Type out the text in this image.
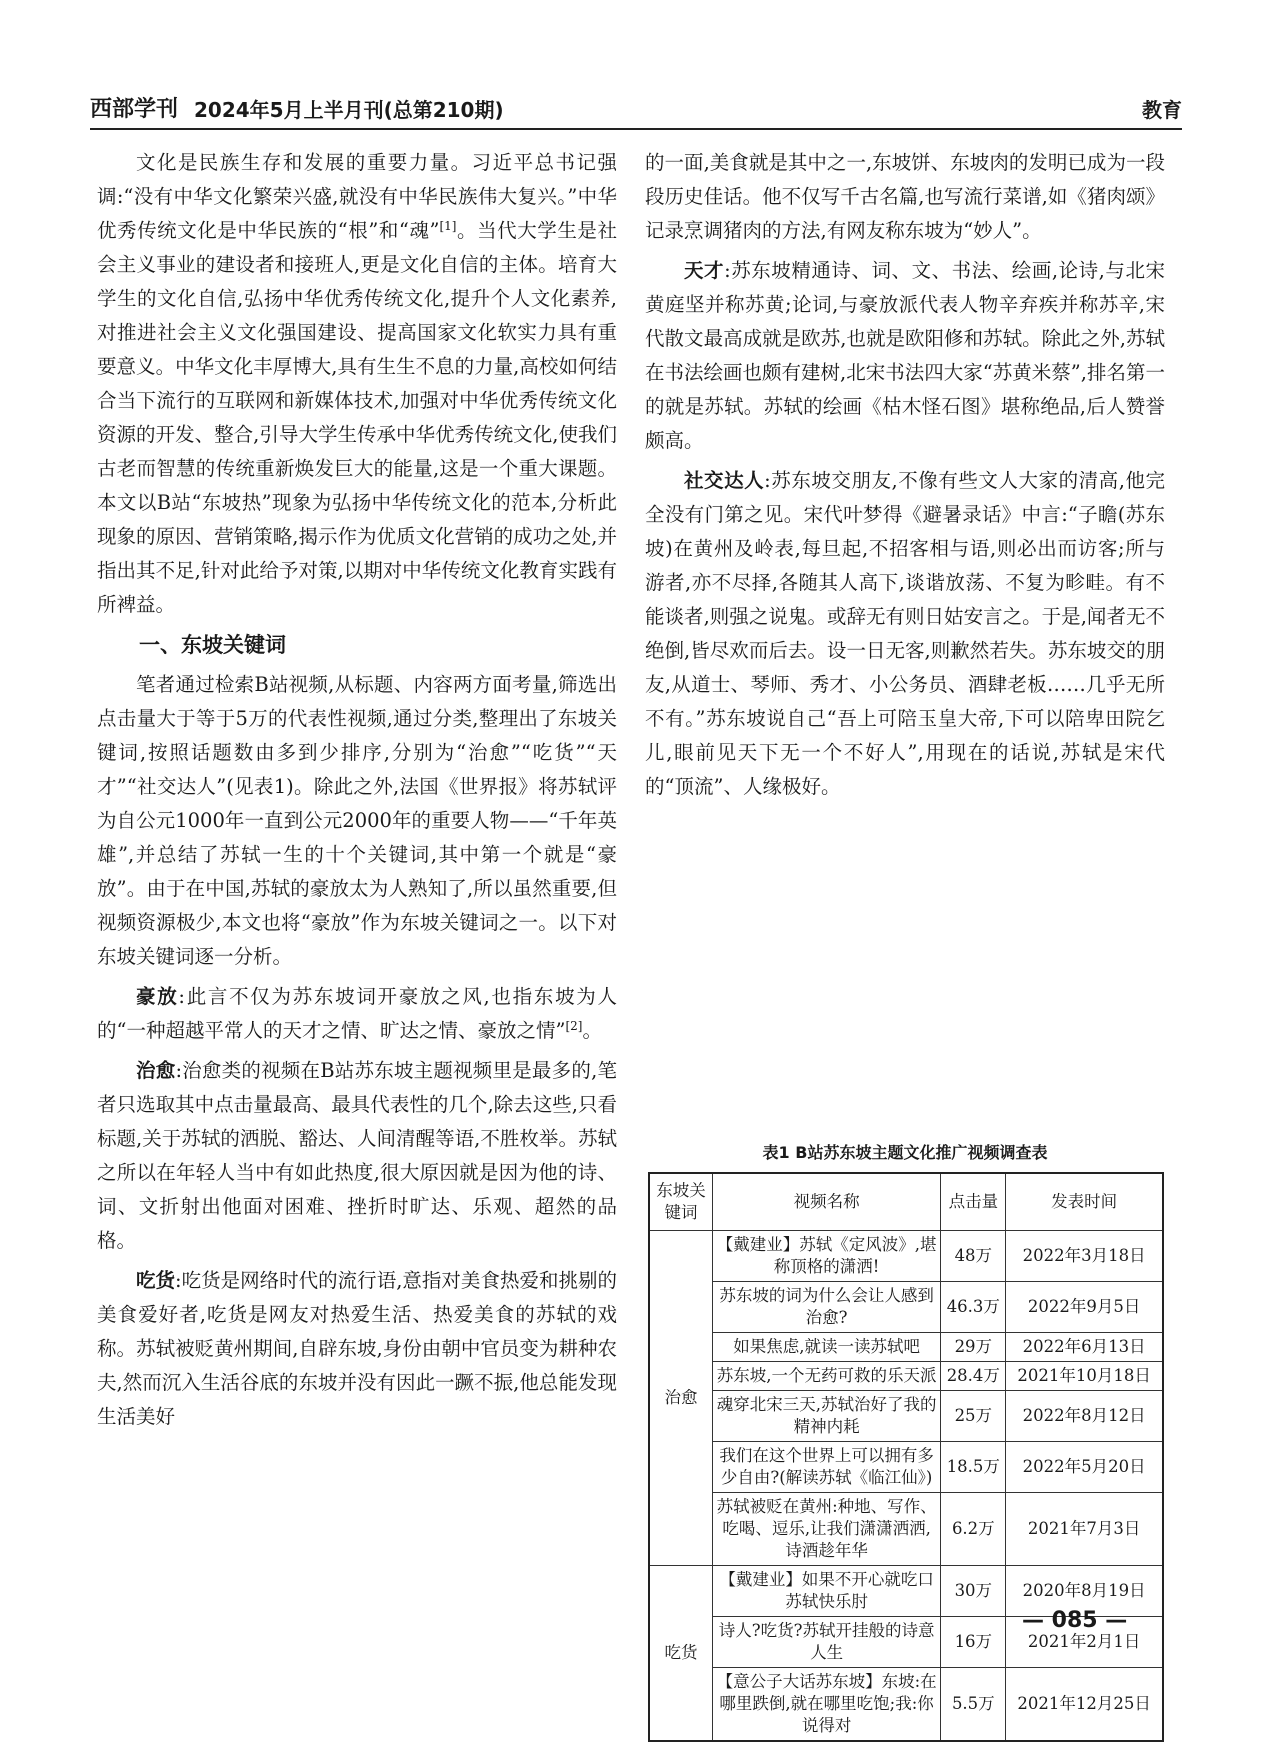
西部学刊 2024年5月上半月刊(总第210期)	教育

文化是民族生存和发展的重要力量。习近平总书记强调:“没有中华文化繁荣兴盛,就没有中华民族伟大复兴。”中华优秀传统文化是中华民族的“根”和“魂”[1]。当代大学生是社会主义事业的建设者和接班人,更是文化自信的主体。培育大学生的文化自信,弘扬中华优秀传统文化,提升个人文化素养,对推进社会主义文化强国建设、提高国家文化软实力具有重要意义。中华文化丰厚博大,具有生生不息的力量,高校如何结合当下流行的互联网和新媒体技术,加强对中华优秀传统文化资源的开发、整合,引导大学生传承中华优秀传统文化,使我们古老而智慧的传统重新焕发巨大的能量,这是一个重大课题。本文以B站“东坡热”现象为弘扬中华传统文化的范本,分析此现象的原因、营销策略,揭示作为优质文化营销的成功之处,并指出其不足,针对此给予对策,以期对中华传统文化教育实践有所裨益。

一、东坡关键词

笔者通过检索B站视频,从标题、内容两方面考量,筛选出点击量大于等于5万的代表性视频,通过分类,整理出了东坡关键词,按照话题数由多到少排序,分别为“治愈”“吃货”“天才”“社交达人”(见表1)。除此之外,法国《世界报》将苏轼评为自公元1000年一直到公元2000年的重要人物——“千年英雄”,并总结了苏轼一生的十个关键词,其中第一个就是“豪放”。由于在中国,苏轼的豪放太为人熟知了,所以虽然重要,但视频资源极少,本文也将“豪放”作为东坡关键词之一。以下对东坡关键词逐一分析。

豪放:此言不仅为苏东坡词开豪放之风,也指东坡为人的“一种超越平常人的天才之情、旷达之情、豪放之情”[2]。

治愈:治愈类的视频在B站苏东坡主题视频里是最多的,笔者只选取其中点击量最高、最具代表性的几个,除去这些,只看标题,关于苏轼的洒脱、豁达、人间清醒等语,不胜枚举。苏轼之所以在年轻人当中有如此热度,很大原因就是因为他的诗、词、文折射出他面对困难、挫折时旷达、乐观、超然的品格。

吃货:吃货是网络时代的流行语,意指对美食热爱和挑剔的美食爱好者,吃货是网友对热爱生活、热爱美食的苏轼的戏称。苏轼被贬黄州期间,自辟东坡,身份由朝中官员变为耕种农夫,然而沉入生活谷底的东坡并没有因此一蹶不振,他总能发现生活美好

的一面,美食就是其中之一,东坡饼、东坡肉的发明已成为一段段历史佳话。他不仅写千古名篇,也写流行菜谱,如《猪肉颂》记录烹调猪肉的方法,有网友称东坡为“妙人”。

天才:苏东坡精通诗、词、文、书法、绘画,论诗,与北宋黄庭坚并称苏黄;论词,与豪放派代表人物辛弃疾并称苏辛,宋代散文最高成就是欧苏,也就是欧阳修和苏轼。除此之外,苏轼在书法绘画也颇有建树,北宋书法四大家“苏黄米蔡”,排名第一的就是苏轼。苏轼的绘画《枯木怪石图》堪称绝品,后人赞誉颇高。

社交达人:苏东坡交朋友,不像有些文人大家的清高,他完全没有门第之见。宋代叶梦得《避暑录话》中言:“子瞻(苏东坡)在黄州及岭表,每旦起,不招客相与语,则必出而访客;所与游者,亦不尽择,各随其人高下,谈谐放荡、不复为畛畦。有不能谈者,则强之说鬼。或辞无有则日姑安言之。于是,闻者无不绝倒,皆尽欢而后去。设一日无客,则歉然若失。苏东坡交的朋友,从道士、琴师、秀才、小公务员、酒肆老板……几乎无所不有。”苏东坡说自己“吾上可陪玉皇大帝,下可以陪卑田院乞儿,眼前见天下无一个不好人”,用现在的话说,苏轼是宋代的“顶流”、人缘极好。

表1 B站苏东坡主题文化推广视频调查表
东坡关键词	视频名称	点击量	发表时间
治愈	【戴建业】苏轼《定风波》,堪称顶格的潇洒!	48万	2022年3月18日
	苏东坡的词为什么会让人感到治愈?	46.3万	2022年9月5日
	如果焦虑,就读一读苏轼吧	29万	2022年6月13日
	苏东坡,一个无药可救的乐天派	28.4万	2021年10月18日
	魂穿北宋三天,苏轼治好了我的精神内耗	25万	2022年8月12日
	我们在这个世界上可以拥有多少自由?(解读苏轼《临江仙》)	18.5万	2022年5月20日
	苏轼被贬在黄州:种地、写作、吃喝、逗乐,让我们潇潇洒洒,诗酒趁年华	6.2万	2021年7月3日
吃货	【戴建业】如果不开心就吃口苏轼快乐肘	30万	2020年8月19日
	诗人?吃货?苏轼开挂般的诗意人生	16万	2021年2月1日
	【意公子大话苏东坡】东坡:在哪里跌倒,就在哪里吃饱;我:你说得对	5.5万	2021年12月25日
— 085 —
